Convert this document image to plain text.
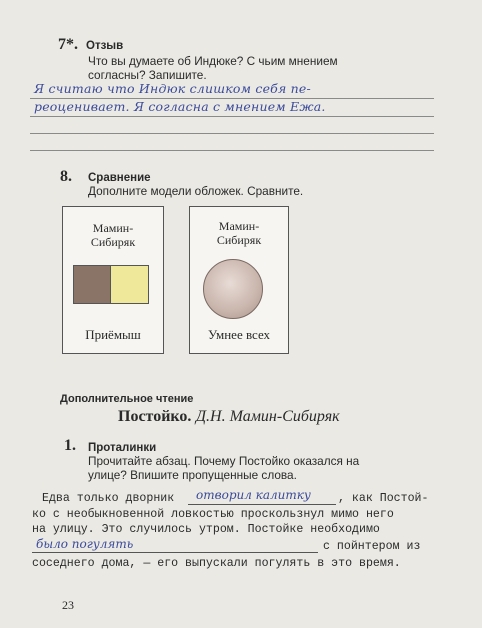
7*. Отзыв
Что вы думаете об Индюке? С чьим мнением
согласны? Запишите.
Я считаю что Индюк слишком себя пе-
реоценивает. Я согласна с мнением Ежа.
8. Сравнение
Дополните модели обложек. Сравните.
Мамин-
Сибиряк
Приёмыш
Мамин-
Сибиряк
Умнее всех
Дополнительное чтение
Постойко. Д.Н. Мамин-Сибиряк
1. Проталинки
Прочитайте абзац. Почему Постойко оказался на
улице? Впишите пропущенные слова.
Едва только дворник отворил калитку , как Постой-
ко с необыкновенной ловкостью проскользнул мимо него
на улицу. Это случилось утром. Постойке необходимо
было погулять	с пойнтером из
соседнего дома, — его выпускали погулять в это время.
23
